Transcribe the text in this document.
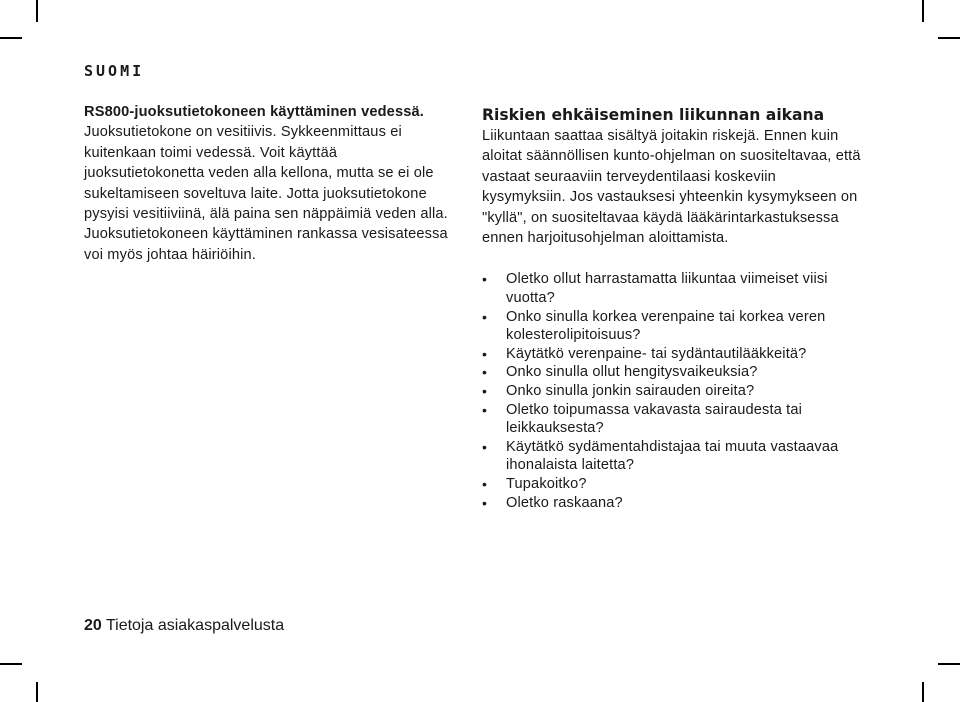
SUOMI
RS800-juoksutietokoneen käyttäminen vedessä.

Juoksutietokone on vesitiivis. Sykkeenmittaus ei kuitenkaan toimi vedessä. Voit käyttää juoksutietokonetta veden alla kellona, mutta se ei ole sukeltamiseen soveltuva laite. Jotta juoksutietokone pysyisi vesitiiviinä, älä paina sen näppäimiä veden alla. Juoksutietokoneen käyttäminen rankassa vesisateessa voi myös johtaa häiriöihin.

Riskien ehkäiseminen liikunnan aikana

Liikuntaan saattaa sisältyä joitakin riskejä. Ennen kuin aloitat säännöllisen kunto-ohjelman on suositeltavaa, että vastaat seuraaviin terveydentilaasi koskeviin kysymyksiin. Jos vastauksesi yhteenkin kysymykseen on "kyllä", on suositeltavaa käydä lääkärintarkastuksessa ennen harjoitusohjelman aloittamista.

•	Oletko ollut harrastamatta liikuntaa viimeiset viisi vuotta?
•	Onko sinulla korkea verenpaine tai korkea veren kolesterolipitoisuus?
•	Käytätkö verenpaine- tai sydäntautilääkkeitä?
•	Onko sinulla ollut hengitysvaikeuksia?
•	Onko sinulla jonkin sairauden oireita?
•	Oletko toipumassa vakavasta sairaudesta tai leikkauksesta?
•	Käytätkö sydämentahdistajaa tai muuta vastaavaa ihonalaista laitetta?
•	Tupakoitko?
•	Oletko raskaana?

20 Tietoja asiakaspalvelusta
